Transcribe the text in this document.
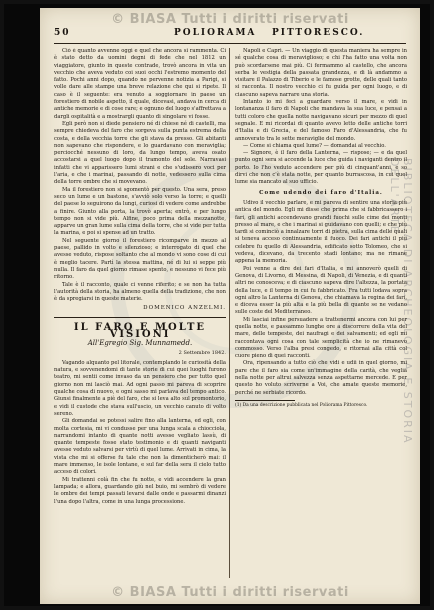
© BIASA Tutti i diritti riservati
BIBLIOTECA DI ARCHEOLOGIA E STORIA DELL'ARTE
50	POLIORAMA PITTORESCO.

Ciò è quanto avvenne oggi e quel che ancora si rammenta. Ci è stato detto da uomini degni di fede che nel 1812 un viaggiatore, giunto in queste contrade, trovò ancora in vita un vecchio che aveva veduto coi suoi occhi l'estremo momento del fatto. Pochi anni dopo, quando ne pervenne notizia a Parigi, si volle dare alle stampe una breve relazione che qui si ripete. Il caso è il seguente: era venuto a soggiornare in paese un forestiero di nobile aspetto, il quale, dicevasi, andava in cerca di antiche memorie e di cose rare; e ognuno del luogo s'affrettava a dargli ospitalità e a mostrargli quanto di singolare vi fosse.

Egli però non si diede pensiero né di chiese né di castelli, ma sempre chiedeva del faro che sorgeva sulla punta estrema della costa, e della vecchia torre che gli stava da presso. Gli abitanti non sapevano che rispondere, e lo guardavano con meraviglia; perciocché nessuno di loro, da lungo tempo, aveva osato accostarsi a quel luogo dopo il tramonto del sole. Narravasi infatti che vi apparissero lumi strani e che s'udissero voci per l'aria, e che i marinai, passando di notte, vedessero sulla cima della torre ombre che si movevano.

Ma il forestiero non si sgomentò per questo. Una sera, preso seco un lume e un bastone, s'avviò solo verso la torre; e quelli del paese lo seguirono da lungi, curiosi di vedere come andrebbe a finire. Giunto alla porta, la trovò aperta; entrò, e per lungo tempo non si vide più. Alfine, poco prima della mezzanotte, apparve un gran lume sulla cima della torre, che si vide per tutta la marina, e poi si spense ad un tratto.

Nel seguente giorno il forestiero ricomparve in mezzo al paese, pallido in volto e silenzioso; e interrogato di quel che avesse veduto, rispose soltanto che al mondo vi sono cose di cui è meglio tacere. Partì la stessa mattina, né di lui si seppe più nulla. Il faro da quel giorno rimase spento, e nessuno vi fece più ritorno.

Tale è il racconto, quale ci venne riferito; e se non ha tutta l'autorità della storia, ha almeno quella della tradizione, che non è da spregiarsi in queste materie.

DOMENICO ANZELMI.
IL FARO E MOLTE VISIONI
All'Egregio Sig. Munnamedd.
2 Settembre 1842.

Vagando alquanto pel litorale, contemplando le curiosità della natura, e sovvenendomi di tante storie di cui quei luoghi furono teatro, mi sentii come invaso da un pensiero che per tutto quel giorno non mi lasciò mai. Ad ogni passo mi pareva di scoprire qualche cosa di nuovo, e ogni sasso mi parlava del tempo antico. Giunsi finalmente a piè del faro, che si leva alto sul promontorio, e vidi il custode che stava sull'uscio, un vecchio canuto di volto sereno.

Gli domandai se potessi salire fino alla lanterna, ed egli, con molta cortesia, mi vi condusse per una lunga scala a chiocciola, narrandomi intanto di quante notti avesse vegliato lassù, di quante tempeste fosse stato testimonio e di quanti naviganti avesse veduto salvarsi per virtù di quel lume. Arrivati in cima, la vista che mi si offerse fu tale che non la dimenticherò mai: il mare immenso, le isole lontane, e sul far della sera il cielo tutto acceso di colori.

Mi trattenni colà fin che fu notte, e vidi accendere la gran lampada; e allora, guardando giù nel buio, mi sembrò di vedere le ombre dei tempi passati levarsi dalle onde e passarmi dinanzi l'una dopo l'altra, come in una lunga processione.

Napoli e Capri. — Un viaggio di questa maniera ha sempre in sé qualche cosa di meraviglioso; e chi l'ha fatto una volta non può scordarsene mai più. Ci fermammo al castello, che ancora serba le vestigia della passata grandezza, e di là andammo a visitare il Palazzo di Tiberio e le famose grotte, delle quali tanto si racconta. Il nostro vecchio ci fu guida per ogni luogo, e di ciascuno sapeva narrare una storia.

Intanto io mi feci a guardare verso il mare, e vidi in lontananza il faro di Napoli che mandava la sua luce, e pensai a tutti coloro che quella notte navigavano sicuri per mezzo di quel segnale. E mi ricordai di quanto avevo letto delle antiche torri d'Italia e di Grecia, e del famoso Faro d'Alessandria, che fu annoverato tra le sette meraviglie del mondo.

— Come si chiama quel lume? — domandai al vecchio.

— Signore, è il faro della Lanterna, — rispose; — e da quel punto ogni sera si accende la luce che guida i naviganti dentro il porto. Io l'ho veduto accendere per più di cinquant'anni, e so dirvi che non c'è stata notte, per quanto burrascosa, in cui quel lume sia mancato al suo ufficio.

Come udendo dei faro d'Italia.

Udivo il vecchio parlare, e mi pareva di sentire una storia più antica del mondo. Egli mi disse che prima che si fabbricassero i fari, gli antichi accendevano grandi fuochi sulle cime dei monti presso al mare, e che i marinai si guidavano con quelli; e che più tardi si cominciò a innalzare torri di pietra, sulla cima delle quali si teneva acceso continuamente il fuoco. Dei fari antichi il più celebre fu quello di Alessandria, edificato sotto Tolomeo, che si vedeva, dicevano, da trecento stadi lontano; ma ne rimane appena la memoria.

Poi venne a dire dei fari d'Italia, e mi annoverò quelli di Genova, di Livorno, di Messina, di Napoli, di Venezia, e di quanti altri ne conosceva; e di ciascuno sapeva dire l'altezza, la portata della luce, e il tempo in cui fu fabbricato. Fra tutti lodava sopra ogni altro la Lanterna di Genova, che chiamava la regina dei fari, e diceva esser la più alta e la più bella di quante se ne vedano sulle coste del Mediterraneo.

Mi lasciai infine persuadere a trattenermi ancora con lui per quella notte, e passammo lunghe ore a discorrere della vita del mare, delle tempeste, dei naufragi e dei salvamenti; ed egli mi raccontava ogni cosa con tale semplicità che io ne rimanevo commosso. Verso l'alba presi congedo, e ritornai alla città col cuore pieno di quei racconti.

Ora, ripensando a tutto ciò che vidi e udii in quel giorno, mi pare che il faro sia come un'immagine della carità, che veglia nella notte per altrui salvezza senza aspettarne mercede. E per questo ho voluto scriverne a Voi, che amate queste memorie, perché ne serbiate ricordo.

(1) Da una descrizione pubblicata nel Poliorama Pittoresco.
© BIASA Tutti i diritti riservati
